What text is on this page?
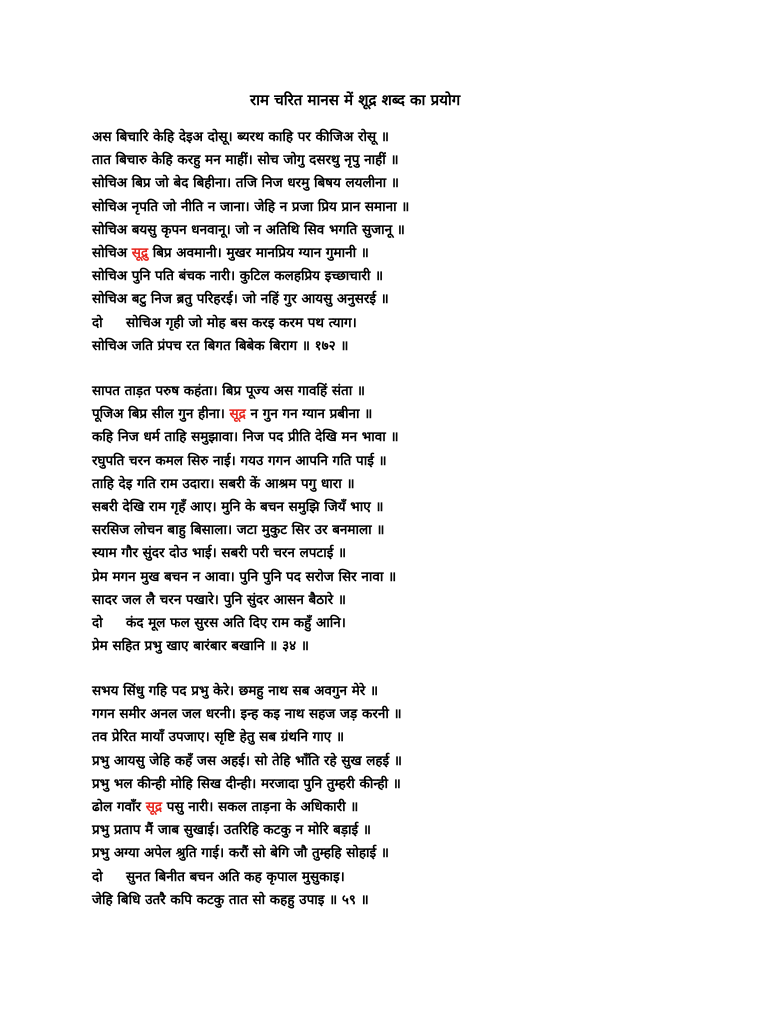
राम चरित मानस में शूद्र शब्द का प्रयोग
अस बिचारि केहि देइअ दोसू। ब्यरथ काहि पर कीजिअ रोसू ॥
तात बिचारु केहि करहु मन माहीं। सोच जोगु दसरथु नृपु नाहीं ॥
सोचिअ बिप्र जो बेद बिहीना। तजि निज धरमु बिषय लयलीना ॥
सोचिअ नृपति जो नीति न जाना। जेहि न प्रजा प्रिय प्रान समाना ॥
सोचिअ बयसु कृपन धनवानू। जो न अतिथि सिव भगति सुजानू ॥
सोचिअ सूद्रु बिप्र अवमानी। मुखर मानप्रिय ग्यान गुमानी ॥
सोचिअ पुनि पति बंचक नारी। कुटिल कलहप्रिय इच्छाचारी ॥
सोचिअ बटु निज ब्रतु परिहरई। जो नहिं गुर आयसु अनुसरई ॥
दो सोचिअ गृही जो मोह बस करइ करम पथ त्याग।
सोचिअ जति प्रंपच रत बिगत बिबेक बिराग ॥ १७२ ॥
सापत ताड़त परुष कहंता। बिप्र पूज्य अस गावहिं संता ॥
पूजिअ बिप्र सील गुन हीना। सूद्र न गुन गन ग्यान प्रबीना ॥
कहि निज धर्म ताहि समुझावा। निज पद प्रीति देखि मन भावा ॥
रघुपति चरन कमल सिरु नाई। गयउ गगन आपनि गति पाई ॥
ताहि देइ गति राम उदारा। सबरी कें आश्रम पगु धारा ॥
सबरी देखि राम गृहँ आए। मुनि के बचन समुझि जियँ भाए ॥
सरसिज लोचन बाहु बिसाला। जटा मुकुट सिर उर बनमाला ॥
स्याम गौर सुंदर दोउ भाई। सबरी परी चरन लपटाई ॥
प्रेम मगन मुख बचन न आवा। पुनि पुनि पद सरोज सिर नावा ॥
सादर जल लै चरन पखारे। पुनि सुंदर आसन बैठारे ॥
दो कंद मूल फल सुरस अति दिए राम कहुँ आनि।
प्रेम सहित प्रभु खाए बारंबार बखानि ॥ ३४ ॥
सभय सिंधु गहि पद प्रभु केरे। छमहु नाथ सब अवगुन मेरे ॥
गगन समीर अनल जल धरनी। इन्ह कइ नाथ सहज जड़ करनी ॥
तव प्रेरित मायाँ उपजाए। सृष्टि हेतु सब ग्रंथनि गाए ॥
प्रभु आयसु जेहि कहँ जस अहई। सो तेहि भाँति रहे सुख लहई ॥
प्रभु भल कीन्ही मोहि सिख दीन्ही। मरजादा पुनि तुम्हरी कीन्ही ॥
ढोल गवाँर सूद्र पसु नारी। सकल ताड़ना के अधिकारी ॥
प्रभु प्रताप मैं जाब सुखाई। उतरिहि कटकु न मोरि बड़ाई ॥
प्रभु अग्या अपेल श्रुति गाई। करौं सो बेगि जौ तुम्हहि सोहाई ॥
दो सुनत बिनीत बचन अति कह कृपाल मुसुकाइ।
जेहि बिधि उतरै कपि कटकु तात सो कहहु उपाइ ॥ ५९ ॥
